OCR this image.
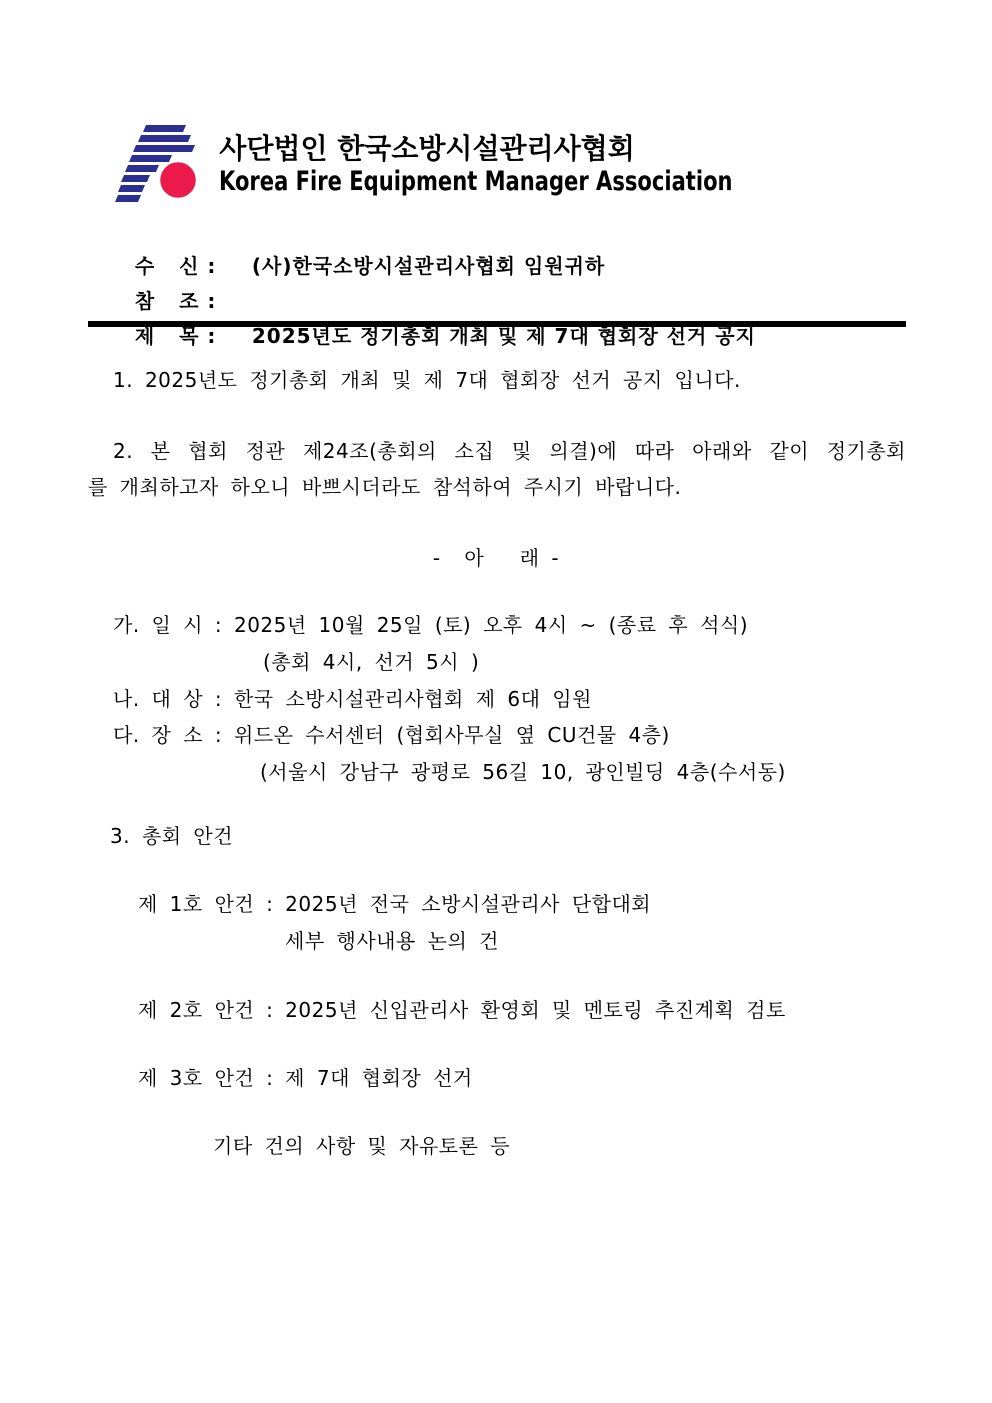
사단법인 한국소방시설관리사협회
Korea Fire Equipment Manager Association

수   신 : (사)한국소방시설관리사협회 임원귀하

참   조 :

제   목 : 2025년도 정기총회 개최 및 제 7대 협회장 선거 공지

1. 2025년도 정기총회 개최 및 제 7대 협회장 선거 공지 입니다.
2. 본 협회 정관 제24조(총회의 소집 및 의결)에 따라 아래와 같이 정기총회
를 개최하고자 하오니 바쁘시더라도 참석하여 주시기 바랍니다.
-  아   래 -
가. 일 시 : 2025년 10월 25일 (토) 오후 4시 ~ (종료 후 석식)
(총회 4시, 선거 5시 )
나. 대 상 : 한국 소방시설관리사협회 제 6대 임원
다. 장 소 : 위드온 수서센터 (협회사무실 옆 CU건물 4층)
(서울시 강남구 광평로 56길 10, 광인빌딩 4층(수서동)
3. 총회 안건
제 1호 안건 : 2025년 전국 소방시설관리사 단합대회
세부 행사내용 논의 건
제 2호 안건 : 2025년 신입관리사 환영회 및 멘토링 추진계획 검토
제 3호 안건 : 제 7대 협회장 선거
기타 건의 사항 및 자유토론 등
